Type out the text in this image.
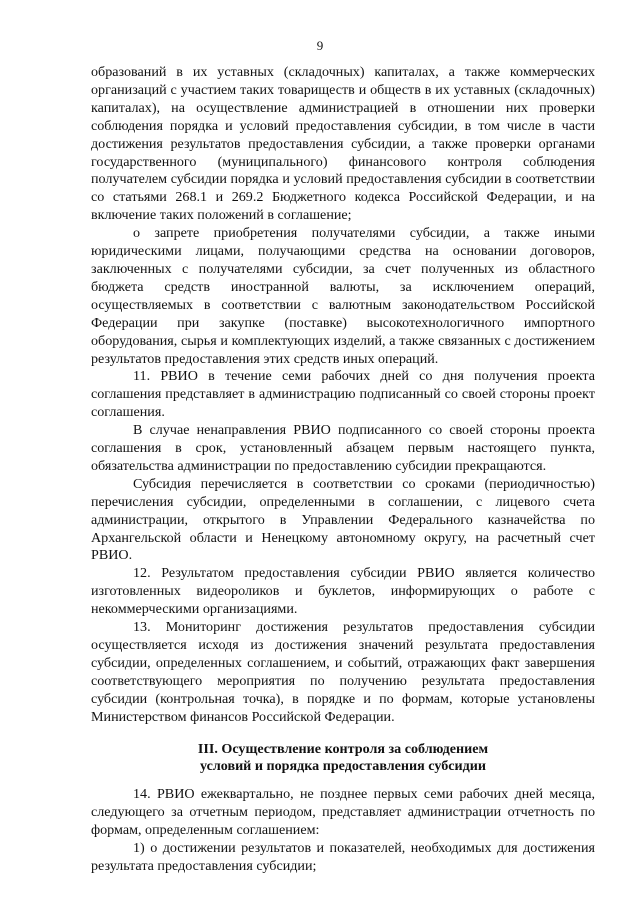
9

образований в их уставных (складочных) капиталах, а также коммерческих организаций с участием таких товариществ и обществ в их уставных (складочных) капиталах), на осуществление администрацией в отношении них проверки соблюдения порядка и условий предоставления субсидии, в том числе в части достижения результатов предоставления субсидии, а также проверки органами государственного (муниципального) финансового контроля соблюдения получателем субсидии порядка и условий предоставления субсидии в соответствии со статьями 268.1 и 269.2 Бюджетного кодекса Российской Федерации, и на включение таких положений в соглашение;

о запрете приобретения получателями субсидии, а также иными юридическими лицами, получающими средства на основании договоров, заключенных с получателями субсидии, за счет полученных из областного бюджета средств иностранной валюты, за исключением операций, осуществляемых в соответствии с валютным законодательством Российской Федерации при закупке (поставке) высокотехнологичного импортного оборудования, сырья и комплектующих изделий, а также связанных с достижением результатов предоставления этих средств иных операций.

11. РВИО в течение семи рабочих дней со дня получения проекта соглашения представляет в администрацию подписанный со своей стороны проект соглашения.

В случае ненаправления РВИО подписанного со своей стороны проекта соглашения в срок, установленный абзацем первым настоящего пункта, обязательства администрации по предоставлению субсидии прекращаются.

Субсидия перечисляется в соответствии со сроками (периодичностью) перечисления субсидии, определенными в соглашении, с лицевого счета администрации, открытого в Управлении Федерального казначейства по Архангельской области и Ненецкому автономному округу, на расчетный счет РВИО.

12. Результатом предоставления субсидии РВИО является количество изготовленных видеороликов и буклетов, информирующих о работе с некоммерческими организациями.

13. Мониторинг достижения результатов предоставления субсидии осуществляется исходя из достижения значений результата предоставления субсидии, определенных соглашением, и событий, отражающих факт завершения соответствующего мероприятия по получению результата предоставления субсидии (контрольная точка), в порядке и по формам, которые установлены Министерством финансов Российской Федерации.

III. Осуществление контроля за соблюдением
условий и порядка предоставления субсидии

14. РВИО ежеквартально, не позднее первых семи рабочих дней месяца, следующего за отчетным периодом, представляет администрации отчетность по формам, определенным соглашением:

1) о достижении результатов и показателей, необходимых для достижения результата предоставления субсидии;
